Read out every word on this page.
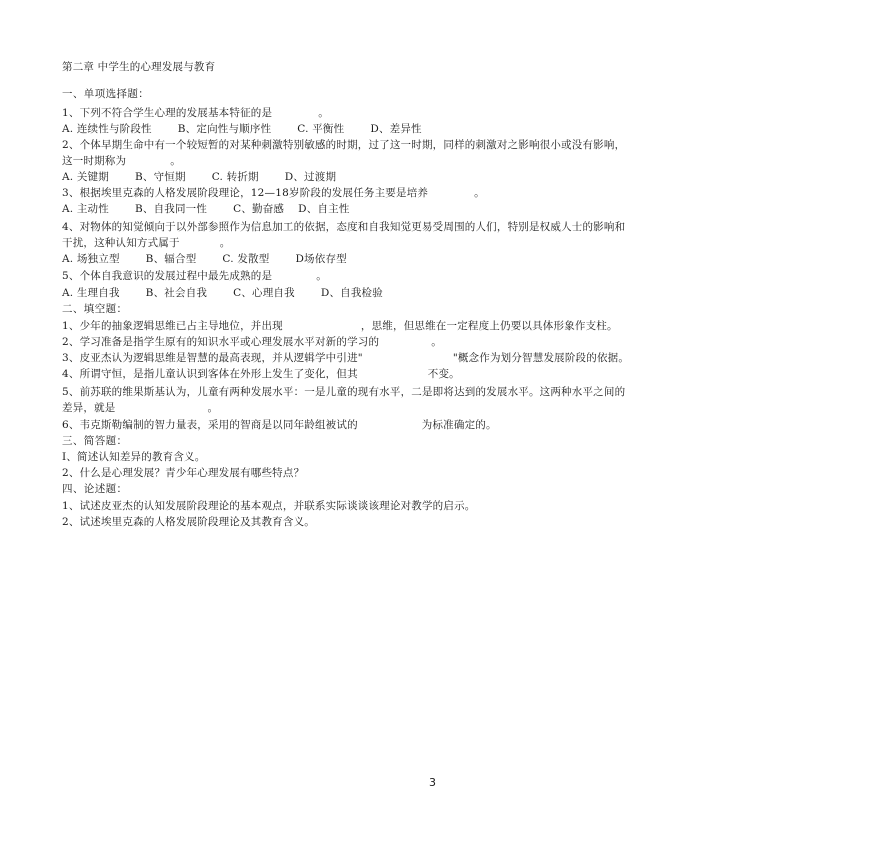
第二章 中学生的心理发展与教育
一、单项选择题：
1、下列不符合学生心理的发展基本特征的是	。
A. 连续性与阶段性 B、定向性与顺序性 C. 平衡性 D、差异性
2、个体早期生命中有一个较短暂的对某种刺激特别敏感的时期，过了这一时期，同样的刺激对之影响很小或没有影响，
这一时期称为	。
A. 关键期 B、守恒期 C. 转折期 D、过渡期
3、根据埃里克森的人格发展阶段理论，12—18岁阶段的发展任务主要是培养	。
A. 主动性 B、自我同一性 C、勤奋感 D、自主性
4、对物体的知觉倾向于以外部参照作为信息加工的依据，态度和自我知觉更易受周围的人们，特别是权威人士的影响和
干扰，这种认知方式属于	。
A. 场独立型 B、辐合型 C. 发散型 D场依存型
5、个体自我意识的发展过程中最先成熟的是	。
A. 生理自我 B、社会自我 C、心理自我 D、自我检验
二、填空题：
1、少年的抽象逻辑思维已占主导地位，并出现	，思维，但思维在一定程度上仍要以具体形象作支柱。
2、学习准备是指学生原有的知识水平或心理发展水平对新的学习的	。
3、皮亚杰认为逻辑思维是智慧的最高表现，并从逻辑学中引进"	"概念作为划分智慧发展阶段的依据。
4、所谓守恒，是指儿童认识到客体在外形上发生了变化，但其	不变。
5、前苏联的维果斯基认为，儿童有两种发展水平：一是儿童的现有水平，二是即将达到的发展水平。这两种水平之间的
差异，就是	。
6、韦克斯勒编制的智力量表，采用的智商是以同年龄组被试的	为标准确定的。
三、简答题：
I、简述认知差异的教育含义。
2、什么是心理发展？青少年心理发展有哪些特点？
四、论述题：
1、试述皮亚杰的认知发展阶段理论的基本观点，并联系实际谈谈该理论对教学的启示。
2、试述埃里克森的人格发展阶段理论及其教育含义。
3
